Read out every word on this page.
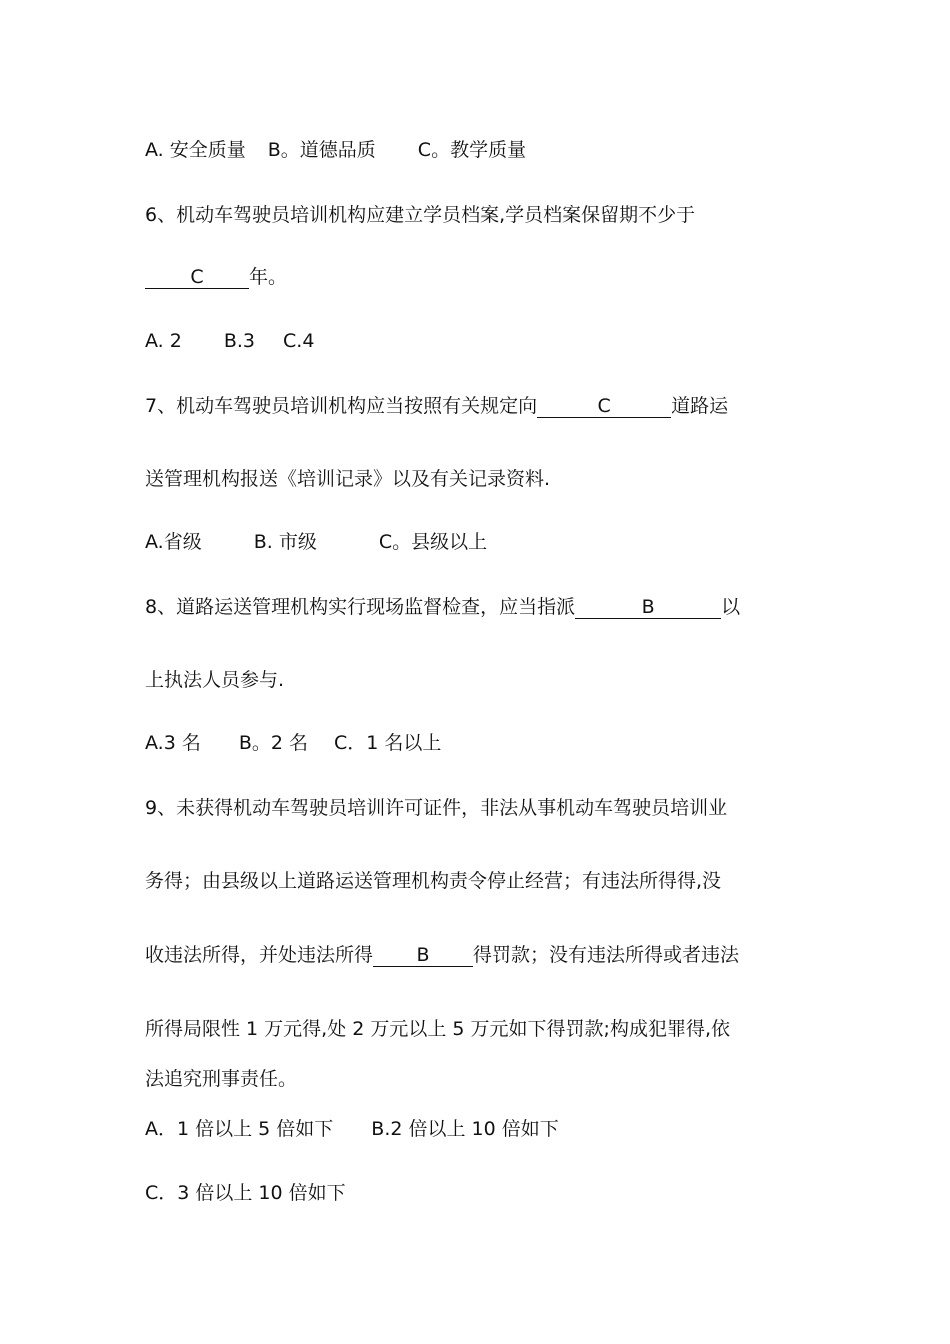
A. 安全质量 B。道德品质 C。教学质量
6、机动车驾驶员培训机构应建立学员档案,学员档案保留期不少于
C 年。
A. 2 B.3 C.4
7、机动车驾驶员培训机构应当按照有关规定向	C	道路运
送管理机构报送《培训记录》以及有关记录资料.
A.省级	B. 市级	C。县级以上
8、道路运送管理机构实行现场监督检查，应当指派	B	以
上执法人员参与.
A.3 名 B。2 名 C．1 名以上
9、未获得机动车驾驶员培训许可证件，非法从事机动车驾驶员培训业
务得；由县级以上道路运送管理机构责令停止经营；有违法所得得,没
收违法所得，并处违法所得 B 得罚款；没有违法所得或者违法
所得局限性 1 万元得,处 2 万元以上 5 万元如下得罚款;构成犯罪得,依
法追究刑事责任。
A．1 倍以上 5 倍如下 B.2 倍以上 10 倍如下
C．3 倍以上 10 倍如下
